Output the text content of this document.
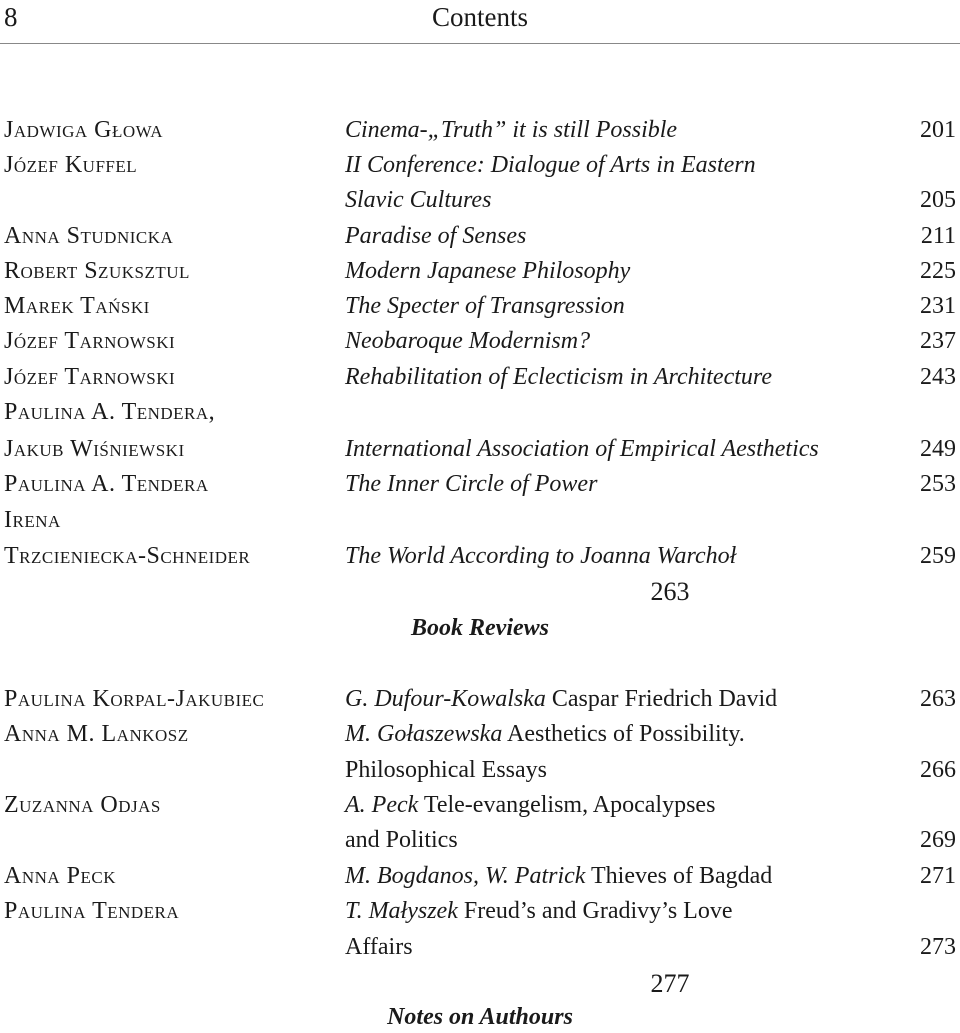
8	Contents
Jadwiga Głowa	Cinema-„Truth” it is still Possible	201
Józef Kuffel	II Conference: Dialogue of Arts in Eastern
Slavic Cultures	205
Anna Studnicka	Paradise of Senses	211
Robert Szuksztul	Modern Japanese Philosophy	225
Marek Tański	The Specter of Transgression	231
Józef Tarnowski	Neobaroque Modernism?	237
Józef Tarnowski	Rehabilitation of Eclecticism in Architecture	243
Paulina A. Tendera,
Jakub Wiśniewski	International Association of Empirical Aesthetics	249
Paulina A. Tendera	The Inner Circle of Power	253
Irena
Trzcieniecka-Schneider	The World According to Joanna Warchoł	259
263
Book Reviews
Paulina Korpal-Jakubiec	G. Dufour-Kowalska Caspar Friedrich David	263
Anna M. Lankosz	M. Gołaszewska Aesthetics of Possibility.
Philosophical Essays	266
Zuzanna Odjas	A. Peck Tele-evangelism, Apocalypses
and Politics	269
Anna Peck	M. Bogdanos, W. Patrick Thieves of Bagdad	271
Paulina Tendera	T. Małyszek Freud’s and Gradivy’s Love
Affairs	273
277
Notes on Authours
